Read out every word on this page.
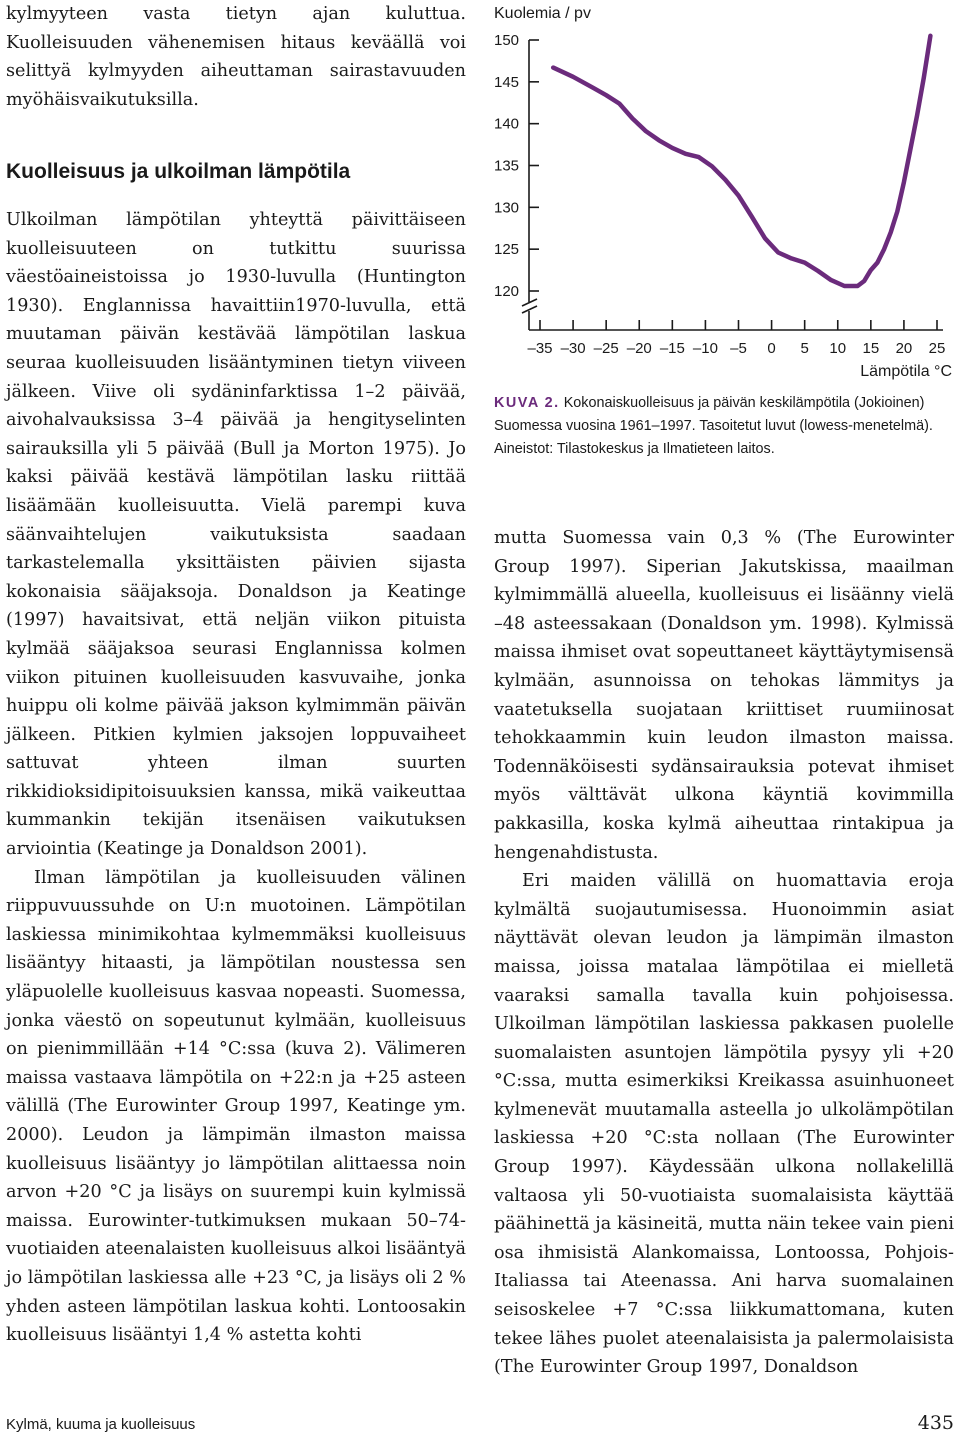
kylmyyteen vasta tietyn ajan kuluttua. Kuolleisuuden vähenemisen hitaus keväällä voi selittyä kylmyyden aiheuttaman sairastavuuden myöhäisvaikutuksilla.

Kuolleisuus ja ulkoilman lämpötila

Ulkoilman lämpötilan yhteyttä päivittäiseen kuolleisuuteen on tutkittu suurissa väestöaineistoissa jo 1930-luvulla (Huntington 1930). Englannissa havaittiin1970-luvulla, että muutaman päivän kestävää lämpötilan laskua seuraa kuolleisuuden lisääntyminen tietyn viiveen jälkeen. Viive oli sydäninfarktissa 1–2 päivää, aivohalvauksissa 3–4 päivää ja hengityselinten sairauksilla yli 5 päivää (Bull ja Morton 1975). Jo kaksi päivää kestävä lämpötilan lasku riittää lisäämään kuolleisuutta. Vielä parempi kuva säänvaihtelujen vaikutuksista saadaan tarkastelemalla yksittäisten päivien sijasta kokonaisia sääjaksoja. Donaldson ja Keatinge (1997) havaitsivat, että neljän viikon pituista kylmää sääjaksoa seurasi Englannissa kolmen viikon pituinen kuolleisuuden kasvuvaihe, jonka huippu oli kolme päivää jakson kylmimmän päivän jälkeen. Pitkien kylmien jaksojen loppuvaiheet sattuvat yhteen ilman suurten rikkidioksidipitoisuuksien kanssa, mikä vaikeuttaa kummankin tekijän itsenäisen vaikutuksen arviointia (Keatinge ja Donaldson 2001).

Ilman lämpötilan ja kuolleisuuden välinen riippuvuussuhde on U:n muotoinen. Lämpötilan laskiessa minimikohtaa kylmemmäksi kuolleisuus lisääntyy hitaasti, ja lämpötilan noustessa sen yläpuolelle kuolleisuus kasvaa nopeasti. Suomessa, jonka väestö on sopeutunut kylmään, kuolleisuus on pienimmillään +14 °C:ssa (kuva 2). Välimeren maissa vastaava lämpötila on +22:n ja +25 asteen välillä (The Eurowinter Group 1997, Keatinge ym. 2000). Leudon ja lämpimän ilmaston maissa kuolleisuus lisääntyy jo lämpötilan alittaessa noin arvon +20 °C ja lisäys on suurempi kuin kylmissä maissa. Eurowinter-tutkimuksen mukaan 50–74-vuotiaiden ateenalaisten kuolleisuus alkoi lisääntyä jo lämpötilan laskiessa alle +23 °C, ja lisäys oli 2 % yhden asteen lämpötilan laskua kohti. Lontoosakin kuolleisuus lisääntyi 1,4 % astetta kohti

Kuolemia / pv
150
145
140
135
130
125
120
–35 –30 –25 –20 –15 –10 –5 0 5 10 15 20 25
Lämpötila °C
KUVA 2. Kokonaiskuolleisuus ja päivän keskilämpötila (Jokioinen) Suomessa vuosina 1961–1997. Tasoitetut luvut (lowess-menetelmä). Aineistot: Tilastokeskus ja Ilmatieteen laitos.

mutta Suomessa vain 0,3 % (The Eurowinter Group 1997). Siperian Jakutskissa, maailman kylmimmällä alueella, kuolleisuus ei lisäänny vielä –48 asteessakaan (Donaldson ym. 1998). Kylmissä maissa ihmiset ovat sopeuttaneet käyttäytymisensä kylmään, asunnoissa on tehokas lämmitys ja vaatetuksella suojataan kriittiset ruumiinosat tehokkaammin kuin leudon ilmaston maissa. Todennäköisesti sydänsairauksia potevat ihmiset myös välttävät ulkona käyntiä kovimmilla pakkasilla, koska kylmä aiheuttaa rintakipua ja hengenahdistusta.

Eri maiden välillä on huomattavia eroja kylmältä suojautumisessa. Huonoimmin asiat näyttävät olevan leudon ja lämpimän ilmaston maissa, joissa matalaa lämpötilaa ei mielletä vaaraksi samalla tavalla kuin pohjoisessa. Ulkoilman lämpötilan laskiessa pakkasen puolelle suomalaisten asuntojen lämpötila pysyy yli +20 °C:ssa, mutta esimerkiksi Kreikassa asuinhuoneet kylmenevät muutamalla asteella jo ulkolämpötilan laskiessa +20 °C:sta nollaan (The Eurowinter Group 1997). Käydessään ulkona nollakelillä valtaosa yli 50-vuotiaista suomalaisista käyttää päähinettä ja käsineitä, mutta näin tekee vain pieni osa ihmisistä Alankomaissa, Lontoossa, Pohjois-Italiassa tai Ateenassa. Ani harva suomalainen seisoskelee +7 °C:ssa liikkumattomana, kuten tekee lähes puolet ateenalaisista ja palermolaisista (The Eurowinter Group 1997, Donaldson

Kylmä, kuuma ja kuolleisuus	435
